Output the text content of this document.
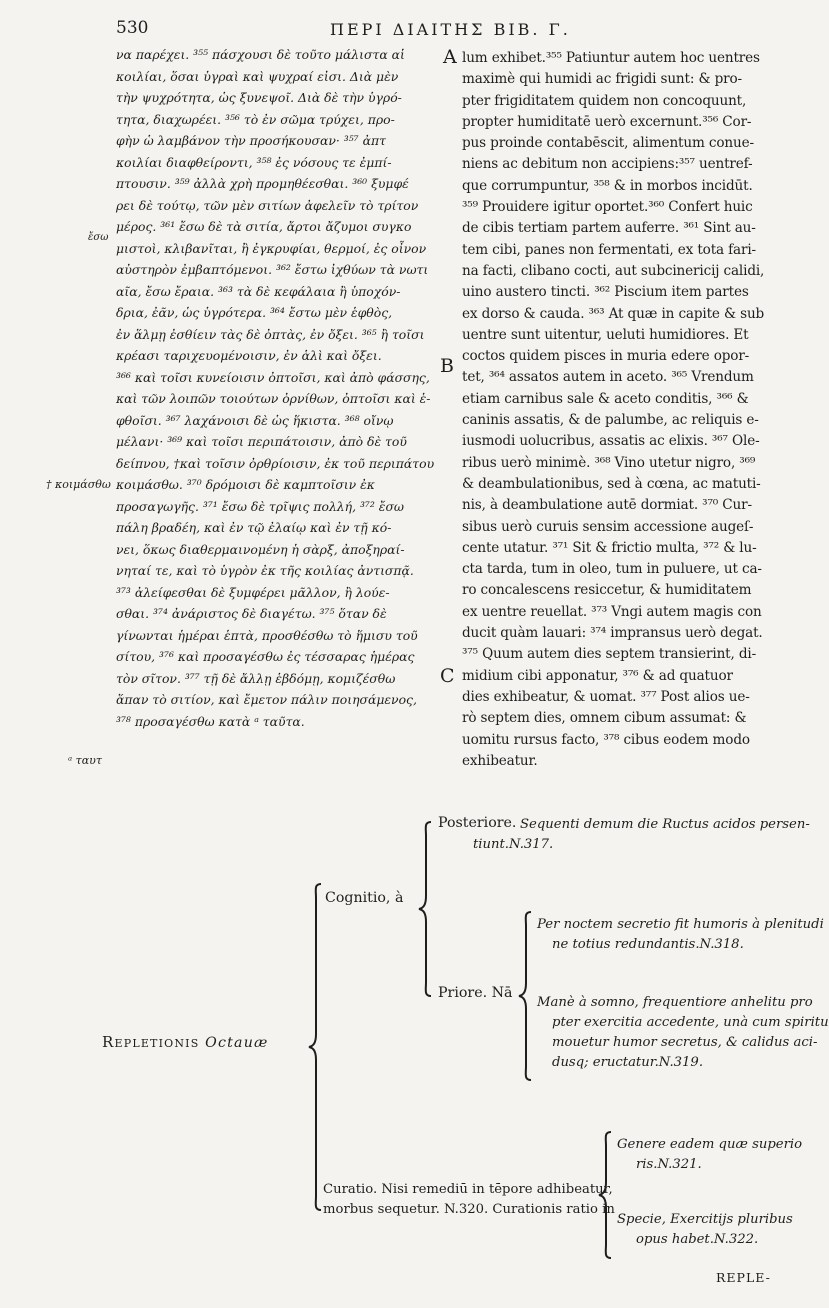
530	ΠΕΡΙ ΔΙΑΙΤΗΣ ΒΙΒ. Γ.
να παρέχει. ³⁵⁵ πάσχουσι δὲ τοῦτο μάλιστα αἱ
κοιλίαι, ὅσαι ὑγραὶ καὶ ψυχραί εἰσι. Διὰ μὲν
τὴν ψυχρότητα, ὡς ξυνεψοῖ. Διὰ δὲ τὴν ὑγρό-
τητα, διαχωρέει. ³⁵⁶ τὸ ἐν σῶμα τρύχει, προ-
φὴν ὡ λαμβάνον τὴν προσήκουσαν· ³⁵⁷ ἀπτ
κοιλίαι διαφθείροντι, ³⁵⁸ ἐς νόσους τε ἐμπί-
πτουσιν. ³⁵⁹ ἀλλὰ χρὴ προμηθέεσθαι. ³⁶⁰ ξυμφέ
ρει δὲ τούτῳ, τῶν μὲν σιτίων ἀφελεῖν τὸ τρίτον
μέρος. ³⁶¹ ἔσω δὲ τὰ σιτία, ἄρτοι ἄζυμοι συγκο
μιστοὶ, κλιβανῖται, ἢ ἐγκρυφίαι, θερμοί, ἐς οἶνον
αὐστηρὸν ἐμβαπτόμενοι. ³⁶² ἔστω ἰχθύων τὰ νωτι
αῖα, ἔσω ἔραια. ³⁶³ τὰ δὲ κεφάλαια ἢ ὑποχόν-
δρια, ἐᾶν, ὡς ὑγρότερα. ³⁶⁴ ἔστω μὲν ἑφθὸς,
ἐν ἅλμῃ ἐσθίειν τὰς δὲ ὀπτὰς, ἐν ὄξει. ³⁶⁵ ἢ τοῖσι
κρέασι ταριχευομένοισιν, ἐν ἁλὶ καὶ ὄξει.
³⁶⁶ καὶ τοῖσι κυνείοισιν ὀπτοῖσι, καὶ ἀπὸ φάσσης,
καὶ τῶν λοιπῶν τοιούτων ὀρνίθων, ὀπτοῖσι καὶ ἑ-
φθοῖσι. ³⁶⁷ λαχάνοισι δὲ ὡς ἥκιστα. ³⁶⁸ οἴνῳ
μέλανι· ³⁶⁹ καὶ τοῖσι περιπάτοισιν, ἀπὸ δὲ τοῦ
δείπνου, †καὶ τοῖσιν ὀρθρίοισιν, ἐκ τοῦ περιπάτου
κοιμάσθω. ³⁷⁰ δρόμοισι δὲ καμπτοῖσιν ἐκ
προσαγωγῆς. ³⁷¹ ἔσω δὲ τρῖψις πολλή, ³⁷² ἔσω
πάλη βραδέη, καὶ ἐν τῷ ἐλαίῳ καὶ ἐν τῇ κό-
νει, ὅκως διαθερμαινομένη ἡ σὰρξ, ἀποξηραί-
νηταί τε, καὶ τὸ ὑγρὸν ἐκ τῆς κοιλίας ἀντισπᾷ.
³⁷³ ἀλείφεσθαι δὲ ξυμφέρει μᾶλλον, ἢ λούε-
σθαι. ³⁷⁴ ἀνάριστος δὲ διαγέτω. ³⁷⁵ ὅταν δὲ
γίνωνται ἡμέραι ἑπτὰ, προσθέσθω τὸ ἥμισυ τοῦ
σίτου, ³⁷⁶ καὶ προσαγέσθω ἐς τέσσαρας ἡμέρας
τὸν σῖτον. ³⁷⁷ τῇ δὲ ἄλλῃ ἑβδόμῃ, κομιζέσθω
ἅπαν τὸ σιτίον, καὶ ἔμετον πάλιν ποιησάμενος,
³⁷⁸ προσαγέσθω κατὰ ᵃ ταῦτα.
lum exhibet.³⁵⁵ Patiuntur autem hoc uentres
maximè qui humidi ac frigidi sunt: & pro-
pter frigiditatem quidem non concoquunt,
propter humiditatē uerò excernunt.³⁵⁶ Cor-
pus proinde contabēscit, alimentum conue-
niens ac debitum non accipiens:³⁵⁷ uentref-
que corrumpuntur, ³⁵⁸ & in morbos incidūt.
³⁵⁹ Prouidere igitur oportet.³⁶⁰ Confert huic
de cibis tertiam partem auferre. ³⁶¹ Sint au-
tem cibi, panes non fermentati, ex tota fari-
na facti, clibano cocti, aut subcinericij calidi,
uino austero tincti. ³⁶² Piscium item partes
ex dorso & cauda. ³⁶³ At quæ in capite & sub
uentre sunt uitentur, ueluti humidiores. Et
coctos quidem pisces in muria edere opor-
tet, ³⁶⁴ assatos autem in aceto. ³⁶⁵ Vrendum
etiam carnibus sale & aceto conditis, ³⁶⁶ &
caninis assatis, & de palumbe, ac reliquis e-
iusmodi uolucribus, assatis ac elixis. ³⁶⁷ Ole-
ribus uerò minimè. ³⁶⁸ Vino utetur nigro, ³⁶⁹
& deambulationibus, sed à cœna, ac matuti-
nis, à deambulatione autē dormiat. ³⁷⁰ Cur-
sibus uerò curuis sensim accessione augeſ-
cente utatur. ³⁷¹ Sit & frictio multa, ³⁷² & lu-
cta tarda, tum in oleo, tum in puluere, ut ca-
ro concalescens resiccetur, & humiditatem
ex uentre reuellat. ³⁷³ Vngi autem magis con
ducit quàm lauari: ³⁷⁴ impransus uerò degat.
³⁷⁵ Quum autem dies septem transierint, di-
midium cibi apponatur, ³⁷⁶ & ad quatuor
dies exhibeatur, & uomat. ³⁷⁷ Post alios ue-
rò septem dies, omnem cibum assumat: &
uomitu rursus facto, ³⁷⁸ cibus eodem modo
exhibeatur.
A
B
C
ἔσω
† κοιμάσθω
ᵃ ταυτ
Repletionis Octauæ
Cognitio, à
Posteriore. Sequenti demum die Ructus acidos persen-
tiunt.N.317.
Priore. Nā
Per noctem secretio fit humoris à plenitudi
ne totius redundantis.N.318.
Manè à somno, frequentiore anhelitu pro
pter exercitia accedente, unà cum spiritu
mouetur humor secretus, & calidus aci-
dusq; eructatur.N.319.
Curatio. Nisi remediū in tēpore adhibeatur,
morbus sequetur. N.320. Curationis ratio in
Genere eadem quæ superio
ris.N.321.
Specie, Exercitijs pluribus
opus habet.N.322.
REPLE-
